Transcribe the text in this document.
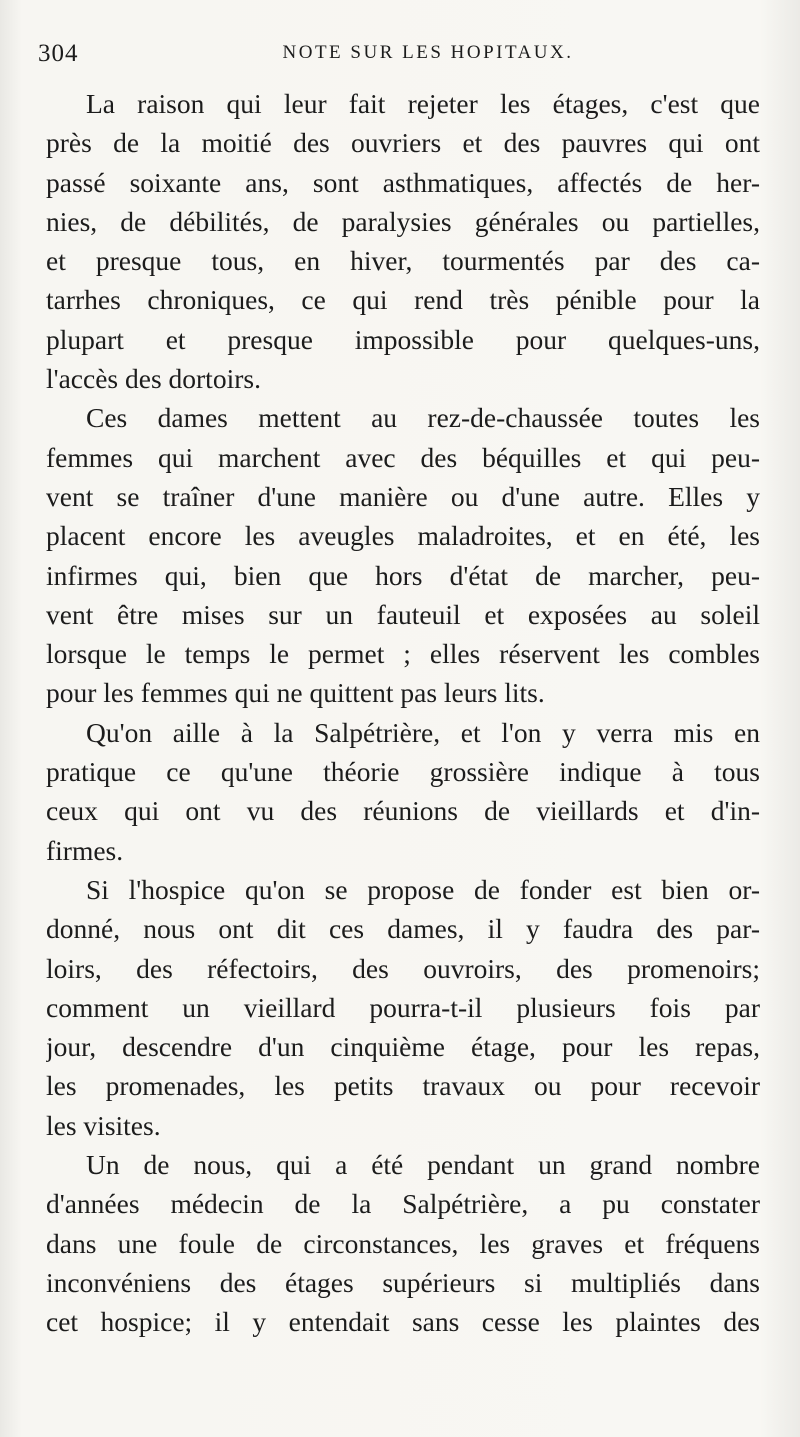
304	NOTE SUR LES HOPITAUX.
La raison qui leur fait rejeter les étages, c'est que
près de la moitié des ouvriers et des pauvres qui ont
passé soixante ans, sont asthmatiques, affectés de her-
nies, de débilités, de paralysies générales ou partielles,
et presque tous, en hiver, tourmentés par des ca-
tarrhes chroniques, ce qui rend très pénible pour la
plupart et presque impossible pour quelques-uns,
l'accès des dortoirs.
Ces dames mettent au rez-de-chaussée toutes les
femmes qui marchent avec des béquilles et qui peu-
vent se traîner d'une manière ou d'une autre. Elles y
placent encore les aveugles maladroites, et en été, les
infirmes qui, bien que hors d'état de marcher, peu-
vent être mises sur un fauteuil et exposées au soleil
lorsque le temps le permet ; elles réservent les combles
pour les femmes qui ne quittent pas leurs lits.
Qu'on aille à la Salpétrière, et l'on y verra mis en
pratique ce qu'une théorie grossière indique à tous
ceux qui ont vu des réunions de vieillards et d'in-
firmes.
Si l'hospice qu'on se propose de fonder est bien or-
donné, nous ont dit ces dames, il y faudra des par-
loirs, des réfectoirs, des ouvroirs, des promenoirs;
comment un vieillard pourra-t-il plusieurs fois par
jour, descendre d'un cinquième étage, pour les repas,
les promenades, les petits travaux ou pour recevoir
les visites.
Un de nous, qui a été pendant un grand nombre
d'années médecin de la Salpétrière, a pu constater
dans une foule de circonstances, les graves et fréquens
inconvéniens des étages supérieurs si multipliés dans
cet hospice; il y entendait sans cesse les plaintes des
